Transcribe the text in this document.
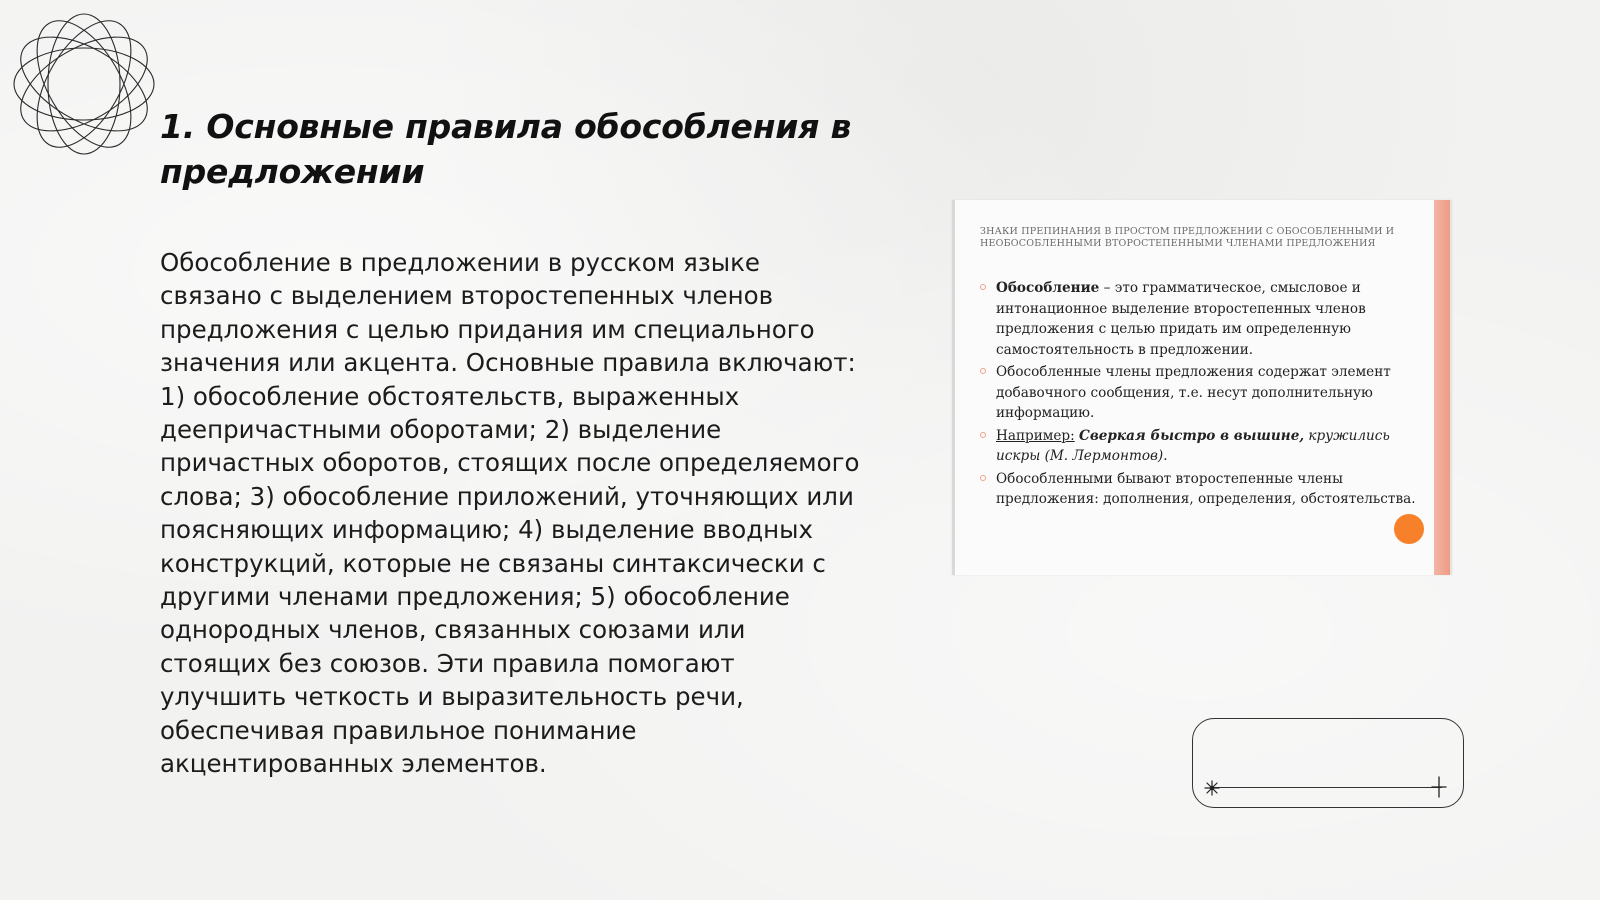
1. Основные правила обособления в предложении

Обособление в предложении в русском языке связано с выделением второстепенных членов предложения с целью придания им специального значения или акцента. Основные правила включают: 1) обособление обстоятельств, выраженных деепричастными оборотами; 2) выделение причастных оборотов, стоящих после определяемого слова; 3) обособление приложений, уточняющих или поясняющих информацию; 4) выделение вводных конструкций, которые не связаны синтаксически с другими членами предложения; 5) обособление однородных членов, связанных союзами или стоящих без союзов. Эти правила помогают улучшить четкость и выразительность речи, обеспечивая правильное понимание акцентированных элементов.

ЗНАКИ ПРЕПИНАНИЯ В ПРОСТОМ ПРЕДЛОЖЕНИИ С ОБОСОБЛЕННЫМИ И НЕОБОСОБЛЕННЫМИ ВТОРОСТЕПЕННЫМИ ЧЛЕНАМИ ПРЕДЛОЖЕНИЯ

Обособление – это грамматическое, смысловое и интонационное выделение второстепенных членов предложения с целью придать им определенную самостоятельность в предложении.
Обособленные члены предложения содержат элемент добавочного сообщения, т.е. несут дополнительную информацию.
Например: Сверкая быстро в вышине, кружились искры (М. Лермонтов).
Обособленными бывают второстепенные члены предложения: дополнения, определения, обстоятельства.
